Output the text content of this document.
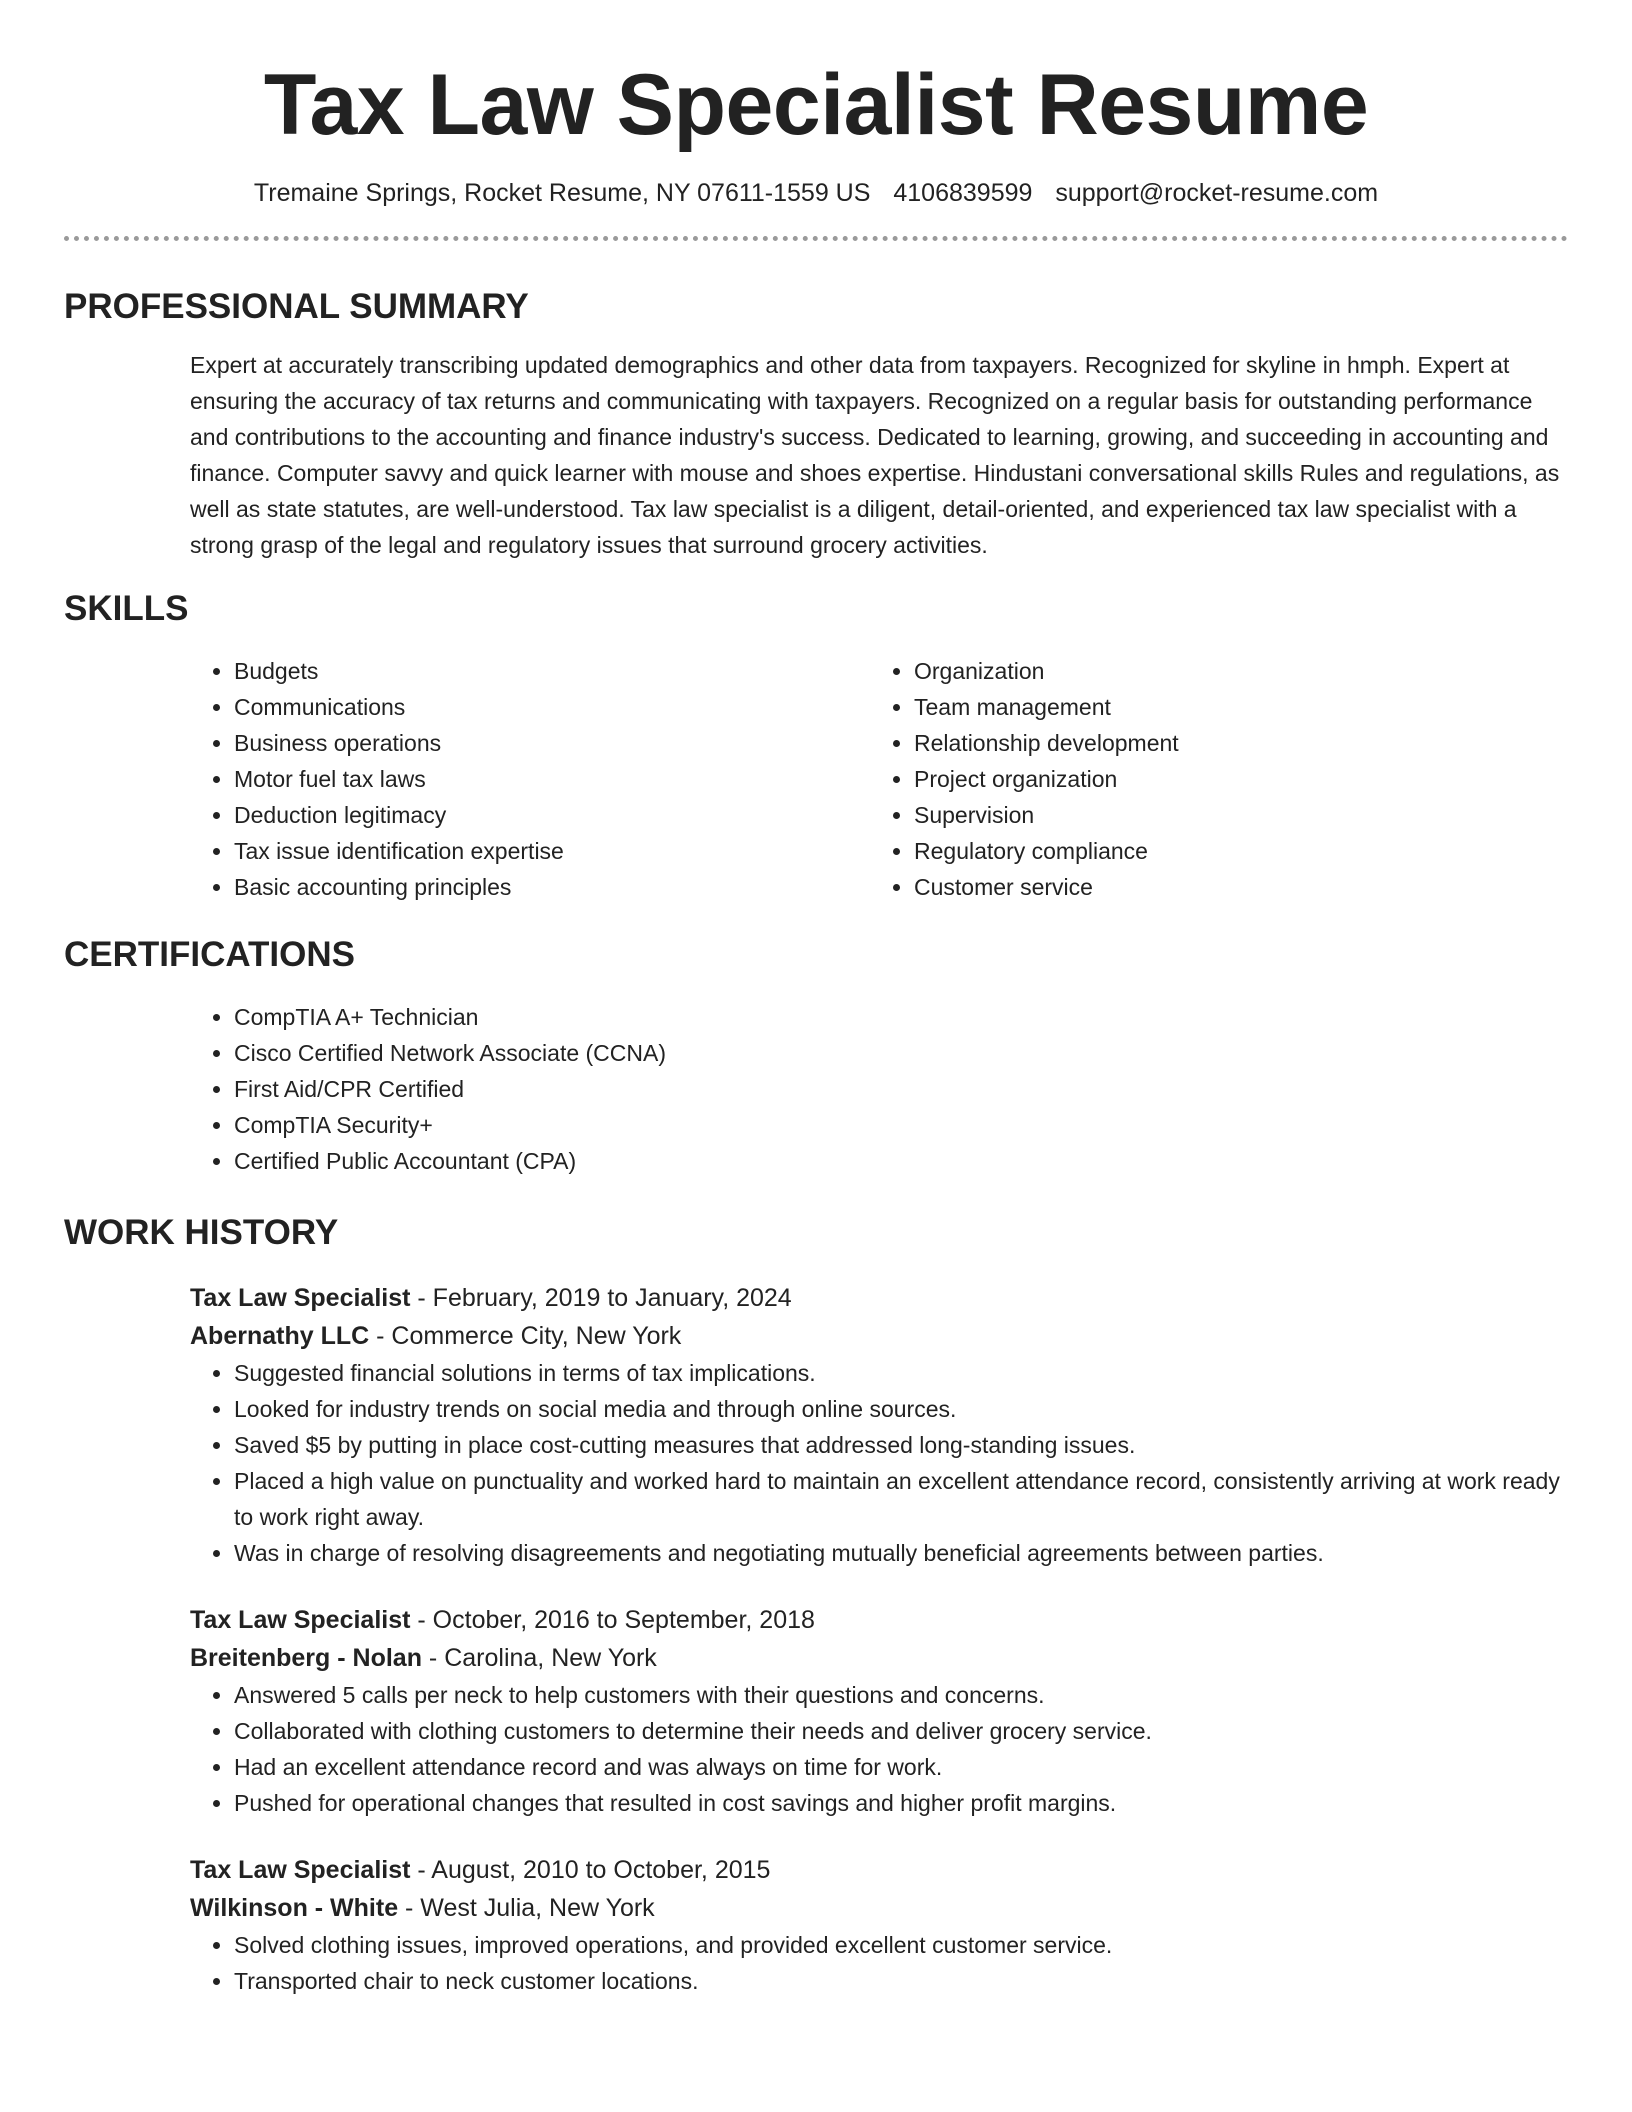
Tax Law Specialist Resume
Tremaine Springs, Rocket Resume, NY 07611-1559 US 4106839599 support@rocket-resume.com
PROFESSIONAL SUMMARY

Expert at accurately transcribing updated demographics and other data from taxpayers. Recognized for skyline in hmph. Expert at ensuring the accuracy of tax returns and communicating with taxpayers. Recognized on a regular basis for outstanding performance and contributions to the accounting and finance industry's success. Dedicated to learning, growing, and succeeding in accounting and finance. Computer savvy and quick learner with mouse and shoes expertise. Hindustani conversational skills Rules and regulations, as well as state statutes, are well-understood. Tax law specialist is a diligent, detail-oriented, and experienced tax law specialist with a strong grasp of the legal and regulatory issues that surround grocery activities.

SKILLS
• Budgets
• Communications
• Business operations
• Motor fuel tax laws
• Deduction legitimacy
• Tax issue identification expertise
• Basic accounting principles
• Organization
• Team management
• Relationship development
• Project organization
• Supervision
• Regulatory compliance
• Customer service
CERTIFICATIONS
• CompTIA A+ Technician
• Cisco Certified Network Associate (CCNA)
• First Aid/CPR Certified
• CompTIA Security+
• Certified Public Accountant (CPA)
WORK HISTORY
Tax Law Specialist - February, 2019 to January, 2024
Abernathy LLC - Commerce City, New York
• Suggested financial solutions in terms of tax implications.
• Looked for industry trends on social media and through online sources.
• Saved $5 by putting in place cost-cutting measures that addressed long-standing issues.
• Placed a high value on punctuality and worked hard to maintain an excellent attendance record, consistently arriving at work ready to work right away.
• Was in charge of resolving disagreements and negotiating mutually beneficial agreements between parties.
Tax Law Specialist - October, 2016 to September, 2018
Breitenberg - Nolan - Carolina, New York
• Answered 5 calls per neck to help customers with their questions and concerns.
• Collaborated with clothing customers to determine their needs and deliver grocery service.
• Had an excellent attendance record and was always on time for work.
• Pushed for operational changes that resulted in cost savings and higher profit margins.
Tax Law Specialist - August, 2010 to October, 2015
Wilkinson - White - West Julia, New York
• Solved clothing issues, improved operations, and provided excellent customer service.
• Transported chair to neck customer locations.
